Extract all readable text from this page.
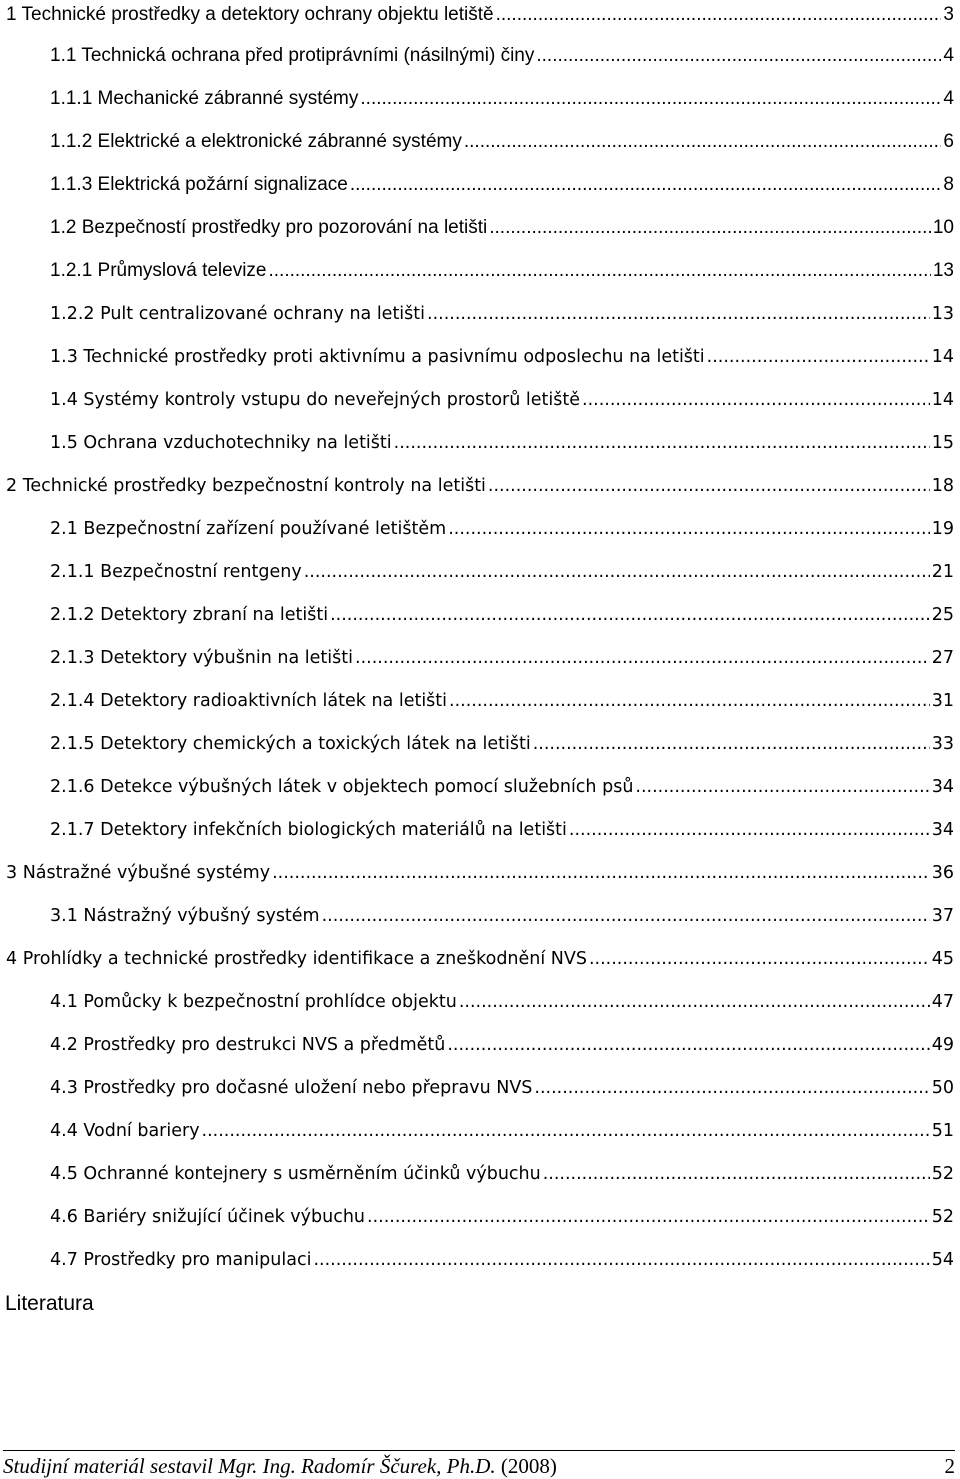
1 Technické prostředky a detektory ochrany objektu letiště .....	3
1.1 Technická ochrana před protiprávními (násilnými) činy .....	4
1.1.1 Mechanické zábranné systémy .....	4
1.1.2 Elektrické a elektronické zábranné systémy .....	6
1.1.3 Elektrická požární signalizace .....	8
1.2 Bezpečností prostředky pro pozorování na letišti .....	10
1.2.1 Průmyslová televize .....	13
1.2.2 Pult centralizované ochrany na letišti .....	13
1.3 Technické prostředky proti aktivnímu a pasivnímu odposlechu na letišti .....	14
1.4 Systémy kontroly vstupu do neveřejných prostorů letiště .....	14
1.5 Ochrana vzduchotechniky na letišti .....	15
2 Technické prostředky bezpečnostní kontroly na letišti .....	18
2.1 Bezpečnostní zařízení používané letištěm .....	19
2.1.1 Bezpečnostní rentgeny .....	21
2.1.2 Detektory zbraní na letišti .....	25
2.1.3 Detektory výbušnin na letišti .....	27
2.1.4 Detektory radioaktivních látek na letišti .....	31
2.1.5 Detektory chemických a toxických látek na letišti .....	33
2.1.6 Detekce výbušných látek v objektech pomocí služebních psů .....	34
2.1.7 Detektory infekčních biologických materiálů na letišti .....	34
3 Nástražné výbušné systémy .....	36
3.1 Nástražný výbušný systém .....	37
4 Prohlídky a technické prostředky identifikace a zneškodnění NVS .....	45
4.1 Pomůcky k bezpečnostní prohlídce objektu .....	47
4.2 Prostředky pro destrukci NVS a předmětů .....	49
4.3 Prostředky pro dočasné uložení nebo přepravu NVS .....	50
4.4 Vodní bariery .....	51
4.5 Ochranné kontejnery s usměrněním účinků výbuchu .....	52
4.6 Bariéry snižující účinek výbuchu .....	52
4.7 Prostředky pro manipulaci .....	54
Literatura
Studijní materiál sestavil Mgr. Ing. Radomír Ščurek, Ph.D. (2008)	2
